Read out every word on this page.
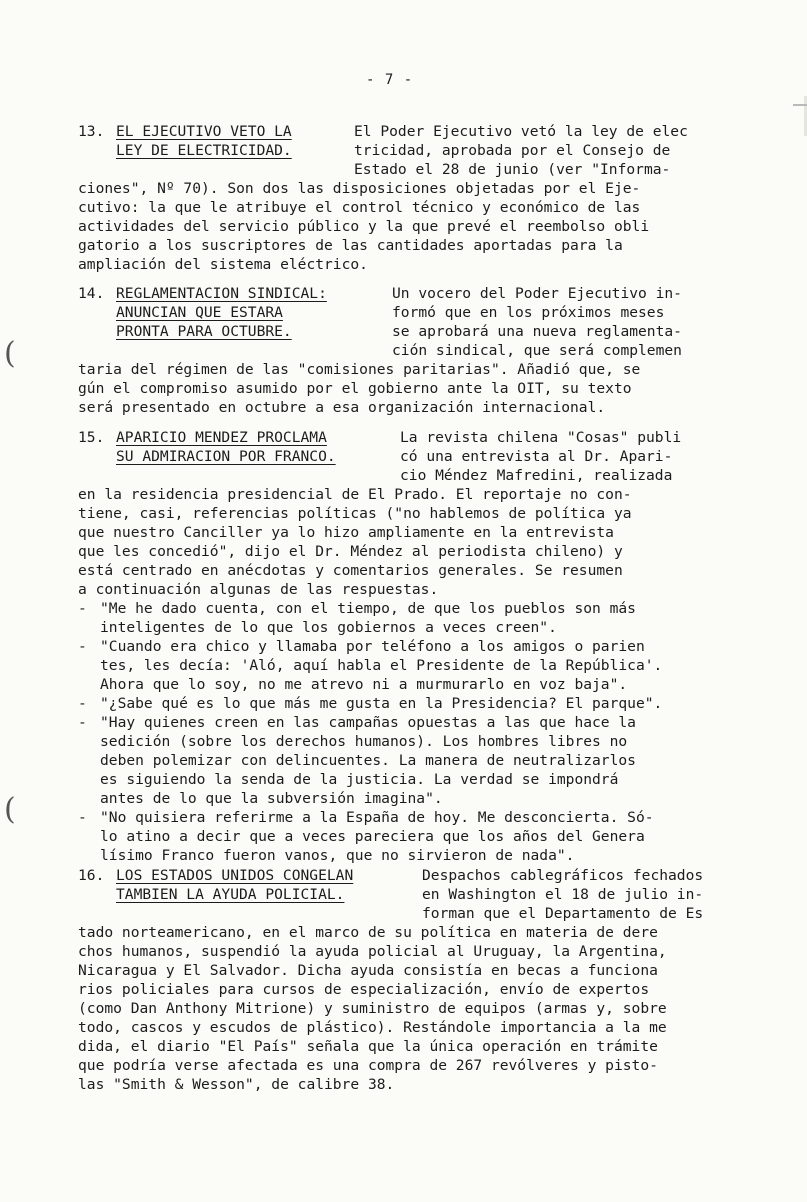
- 7 -
(
(
13. EL EJECUTIVO VETO LA
LEY DE ELECTRICIDAD.
El Poder Ejecutivo vetó la ley de elec
tricidad, aprobada por el Consejo de
Estado el 28 de junio (ver "Informa-
ciones", Nº 70). Son dos las disposiciones objetadas por el Eje-
cutivo: la que le atribuye el control técnico y económico de las
actividades del servicio público y la que prevé el reembolso obli
gatorio a los suscriptores de las cantidades aportadas para la
ampliación del sistema eléctrico.
14. REGLAMENTACION SINDICAL:
ANUNCIAN QUE ESTARA
PRONTA PARA OCTUBRE.
Un vocero del Poder Ejecutivo in-
formó que en los próximos meses
se aprobará una nueva reglamenta-
ción sindical, que será complemen
taria del régimen de las "comisiones paritarias". Añadió que, se
gún el compromiso asumido por el gobierno ante la OIT, su texto
será presentado en octubre a esa organización internacional.
15. APARICIO MENDEZ PROCLAMA
SU ADMIRACION POR FRANCO.
La revista chilena "Cosas" publi
có una entrevista al Dr. Apari-
cio Méndez Mafredini, realizada
en la residencia presidencial de El Prado. El reportaje no con-
tiene, casi, referencias políticas ("no hablemos de política ya
que nuestro Canciller ya lo hizo ampliamente en la entrevista
que les concedió", dijo el Dr. Méndez al periodista chileno) y
está centrado en anécdotas y comentarios generales. Se resumen
a continuación algunas de las respuestas.
- "Me he dado cuenta, con el tiempo, de que los pueblos son más
inteligentes de lo que los gobiernos a veces creen".
- "Cuando era chico y llamaba por teléfono a los amigos o parien
tes, les decía: 'Aló, aquí habla el Presidente de la República'.
Ahora que lo soy, no me atrevo ni a murmurarlo en voz baja".
- "¿Sabe qué es lo que más me gusta en la Presidencia? El parque".
- "Hay quienes creen en las campañas opuestas a las que hace la
sedición (sobre los derechos humanos). Los hombres libres no
deben polemizar con delincuentes. La manera de neutralizarlos
es siguiendo la senda de la justicia. La verdad se impondrá
antes de lo que la subversión imagina".
- "No quisiera referirme a la España de hoy. Me desconcierta. Só-
lo atino a decir que a veces pareciera que los años del Genera
lísimo Franco fueron vanos, que no sirvieron de nada".
16. LOS ESTADOS UNIDOS CONGELAN
TAMBIEN LA AYUDA POLICIAL.
Despachos cablegráficos fechados
en Washington el 18 de julio in-
forman que el Departamento de Es
tado norteamericano, en el marco de su política en materia de dere
chos humanos, suspendió la ayuda policial al Uruguay, la Argentina,
Nicaragua y El Salvador. Dicha ayuda consistía en becas a funciona
rios policiales para cursos de especialización, envío de expertos
(como Dan Anthony Mitrione) y suministro de equipos (armas y, sobre
todo, cascos y escudos de plástico). Restándole importancia a la me
dida, el diario "El País" señala que la única operación en trámite
que podría verse afectada es una compra de 267 revólveres y pisto-
las "Smith & Wesson", de calibre 38.
